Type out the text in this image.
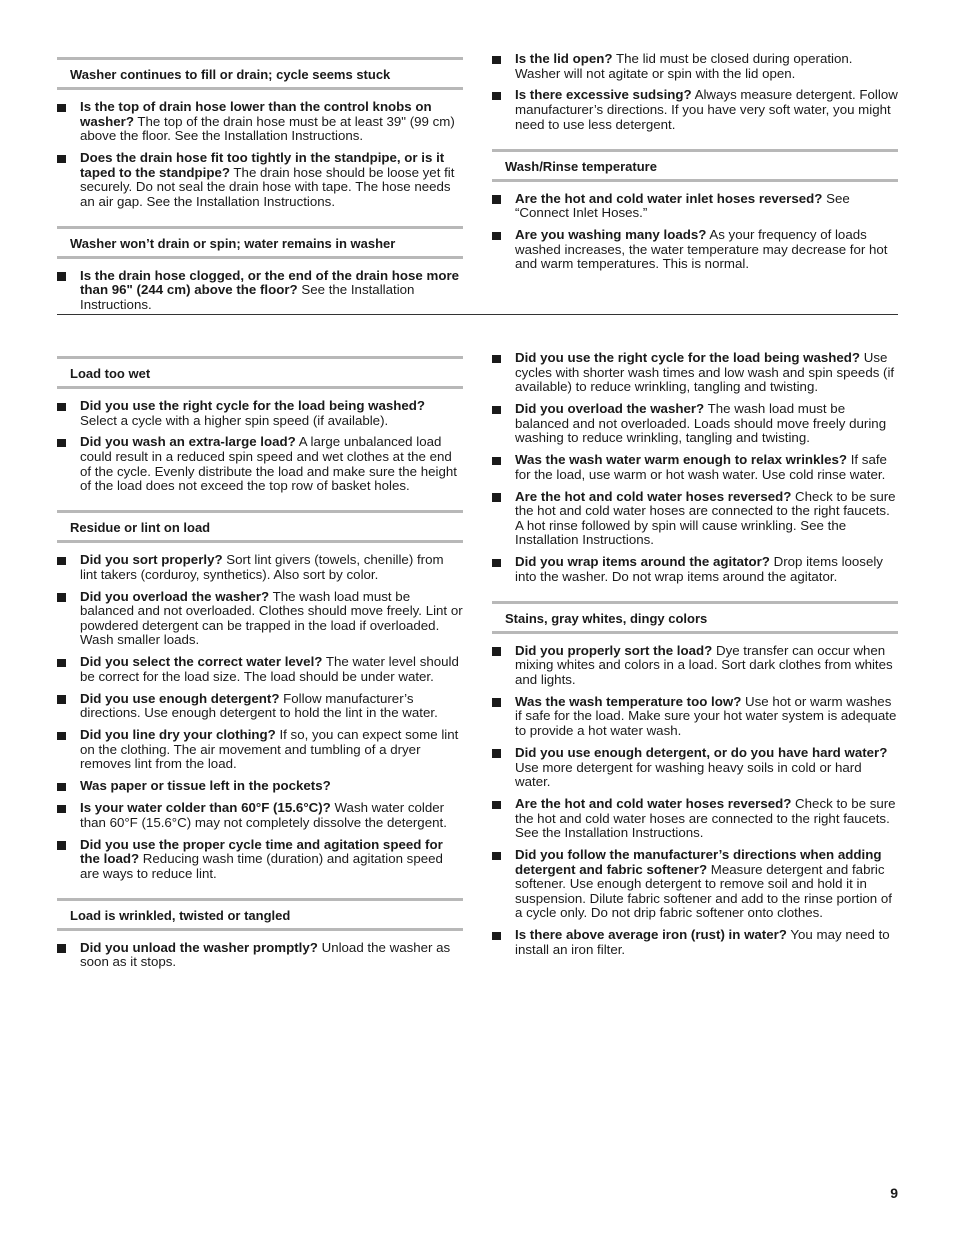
Washer continues to fill or drain; cycle seems stuck
Is the top of drain hose lower than the control knobs on washer? The top of the drain hose must be at least 39" (99 cm) above the floor. See the Installation Instructions.
Does the drain hose fit too tightly in the standpipe, or is it taped to the standpipe? The drain hose should be loose yet fit securely. Do not seal the drain hose with tape. The hose needs an air gap. See the Installation Instructions.
Washer won’t drain or spin; water remains in washer
Is the drain hose clogged, or the end of the drain hose more than 96" (244 cm) above the floor? See the Installation Instructions.
Is the lid open? The lid must be closed during operation. Washer will not agitate or spin with the lid open.
Is there excessive sudsing? Always measure detergent. Follow manufacturer’s directions. If you have very soft water, you might need to use less detergent.
Wash/Rinse temperature
Are the hot and cold water inlet hoses reversed? See “Connect Inlet Hoses.”
Are you washing many loads? As your frequency of loads washed increases, the water temperature may decrease for hot and warm temperatures. This is normal.
Load too wet
Did you use the right cycle for the load being washed? Select a cycle with a higher spin speed (if available).
Did you wash an extra-large load? A large unbalanced load could result in a reduced spin speed and wet clothes at the end of the cycle. Evenly distribute the load and make sure the height of the load does not exceed the top row of basket holes.
Residue or lint on load
Did you sort properly? Sort lint givers (towels, chenille) from lint takers (corduroy, synthetics). Also sort by color.
Did you overload the washer? The wash load must be balanced and not overloaded. Clothes should move freely. Lint or powdered detergent can be trapped in the load if overloaded. Wash smaller loads.
Did you select the correct water level? The water level should be correct for the load size. The load should be under water.
Did you use enough detergent? Follow manufacturer’s directions. Use enough detergent to hold the lint in the water.
Did you line dry your clothing? If so, you can expect some lint on the clothing. The air movement and tumbling of a dryer removes lint from the load.
Was paper or tissue left in the pockets?
Is your water colder than 60°F (15.6°C)? Wash water colder than 60°F (15.6°C) may not completely dissolve the detergent.
Did you use the proper cycle time and agitation speed for the load? Reducing wash time (duration) and agitation speed are ways to reduce lint.
Load is wrinkled, twisted or tangled
Did you unload the washer promptly? Unload the washer as soon as it stops.
Did you use the right cycle for the load being washed? Use cycles with shorter wash times and low wash and spin speeds (if available) to reduce wrinkling, tangling and twisting.
Did you overload the washer? The wash load must be balanced and not overloaded. Loads should move freely during washing to reduce wrinkling, tangling and twisting.
Was the wash water warm enough to relax wrinkles? If safe for the load, use warm or hot wash water. Use cold rinse water.
Are the hot and cold water hoses reversed? Check to be sure the hot and cold water hoses are connected to the right faucets. A hot rinse followed by spin will cause wrinkling. See the Installation Instructions.
Did you wrap items around the agitator? Drop items loosely into the washer. Do not wrap items around the agitator.
Stains, gray whites, dingy colors
Did you properly sort the load? Dye transfer can occur when mixing whites and colors in a load. Sort dark clothes from whites and lights.
Was the wash temperature too low? Use hot or warm washes if safe for the load. Make sure your hot water system is adequate to provide a hot water wash.
Did you use enough detergent, or do you have hard water? Use more detergent for washing heavy soils in cold or hard water.
Are the hot and cold water hoses reversed? Check to be sure the hot and cold water hoses are connected to the right faucets. See the Installation Instructions.
Did you follow the manufacturer’s directions when adding detergent and fabric softener? Measure detergent and fabric softener. Use enough detergent to remove soil and hold it in suspension. Dilute fabric softener and add to the rinse portion of a cycle only. Do not drip fabric softener onto clothes.
Is there above average iron (rust) in water? You may need to install an iron filter.
9
